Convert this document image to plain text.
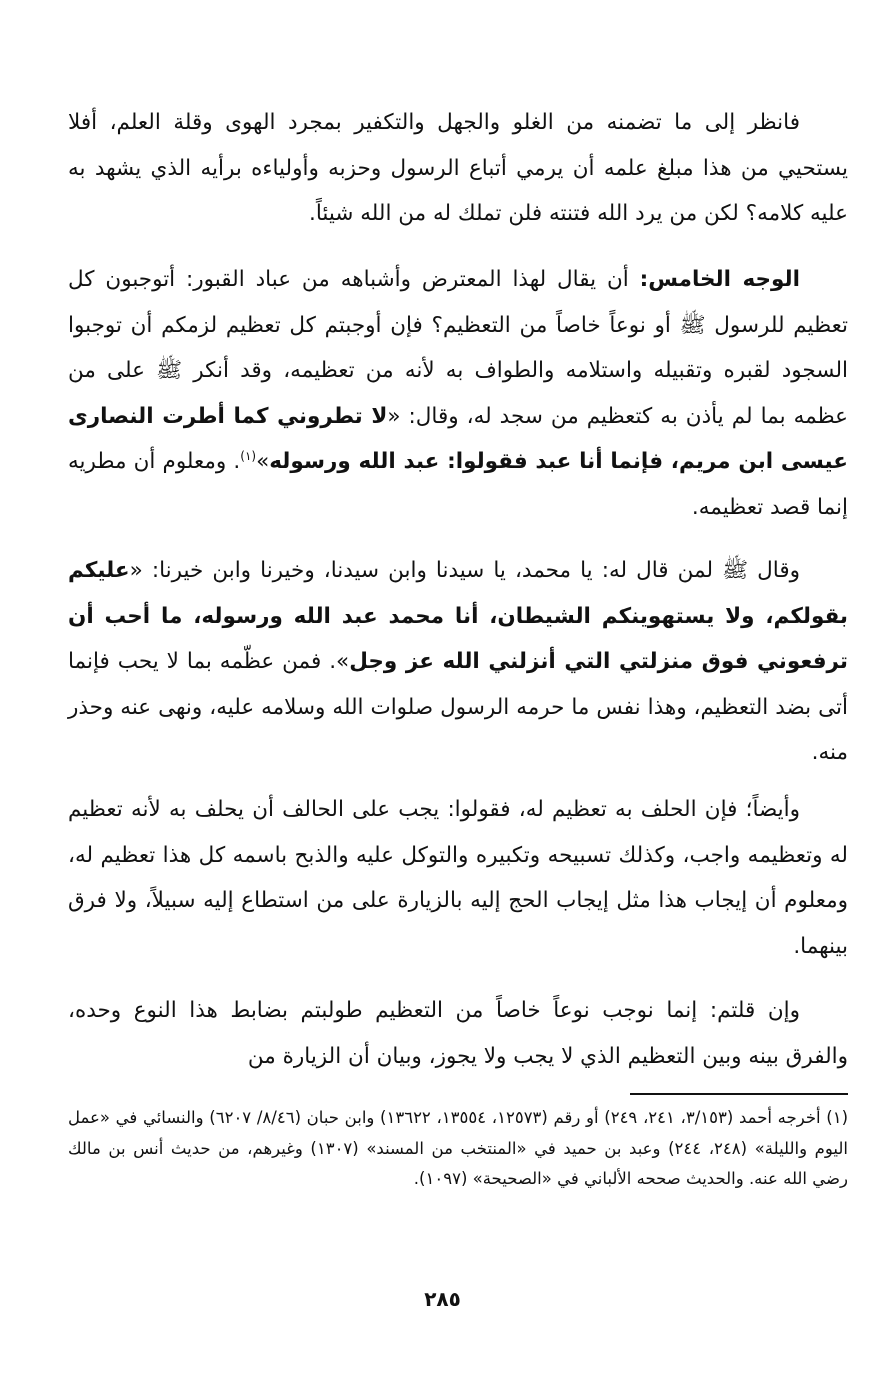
فانظر إلى ما تضمنه من الغلو والجهل والتكفير بمجرد الهوى وقلة العلم، أفلا يستحيي من هذا مبلغ علمه أن يرمي أتباع الرسول وحزبه وأولياءه برأيه الذي يشهد به عليه كلامه؟ لكن من يرد الله فتنته فلن تملك له من الله شيئاً.

الوجه الخامس: أن يقال لهذا المعترض وأشباهه من عباد القبور: أتوجبون كل تعظيم للرسول ﷺ أو نوعاً خاصاً من التعظيم؟ فإن أوجبتم كل تعظيم لزمكم أن توجبوا السجود لقبره وتقبيله واستلامه والطواف به لأنه من تعظيمه، وقد أنكر ﷺ على من عظمه بما لم يأذن به كتعظيم من سجد له، وقال: «لا تطروني كما أطرت النصارى عيسى ابن مريم، فإنما أنا عبد فقولوا: عبد الله ورسوله»$^{(١)}$. ومعلوم أن مطريه إنما قصد تعظيمه.

وقال ﷺ لمن قال له: يا محمد، يا سيدنا وابن سيدنا، وخيرنا وابن خيرنا: «عليكم بقولكم، ولا يستهوينكم الشيطان، أنا محمد عبد الله ورسوله، ما أحب أن ترفعوني فوق منزلتي التي أنزلني الله عز وجل». فمن عظّمه بما لا يحب فإنما أتى بضد التعظيم، وهذا نفس ما حرمه الرسول صلوات الله وسلامه عليه، ونهى عنه وحذر منه.

وأيضاً؛ فإن الحلف به تعظيم له، فقولوا: يجب على الحالف أن يحلف به لأنه تعظيم له وتعظيمه واجب، وكذلك تسبيحه وتكبيره والتوكل عليه والذبح باسمه كل هذا تعظيم له، ومعلوم أن إيجاب هذا مثل إيجاب الحج إليه بالزيارة على من استطاع إليه سبيلاً، ولا فرق بينهما.

وإن قلتم: إنما نوجب نوعاً خاصاً من التعظيم طولبتم بضابط هذا النوع وحده، والفرق بينه وبين التعظيم الذي لا يجب ولا يجوز، وبيان أن الزيارة من

(١) أخرجه أحمد (٣/١٥٣، ٢٤١، ٢٤٩) أو رقم (١٢٥٧٣، ١٣٥٥٤، ١٣٦٢٢) وابن حبان (٨/٤٦/ ٦٢٠٧) والنسائي في «عمل اليوم والليلة» (٢٤٨، ٢٤٤) وعبد بن حميد في «المنتخب من المسند» (١٣٠٧) وغيرهم، من حديث أنس بن مالك رضي الله عنه. والحديث صححه الألباني في «الصحيحة» (١٠٩٧).

٢٨٥
